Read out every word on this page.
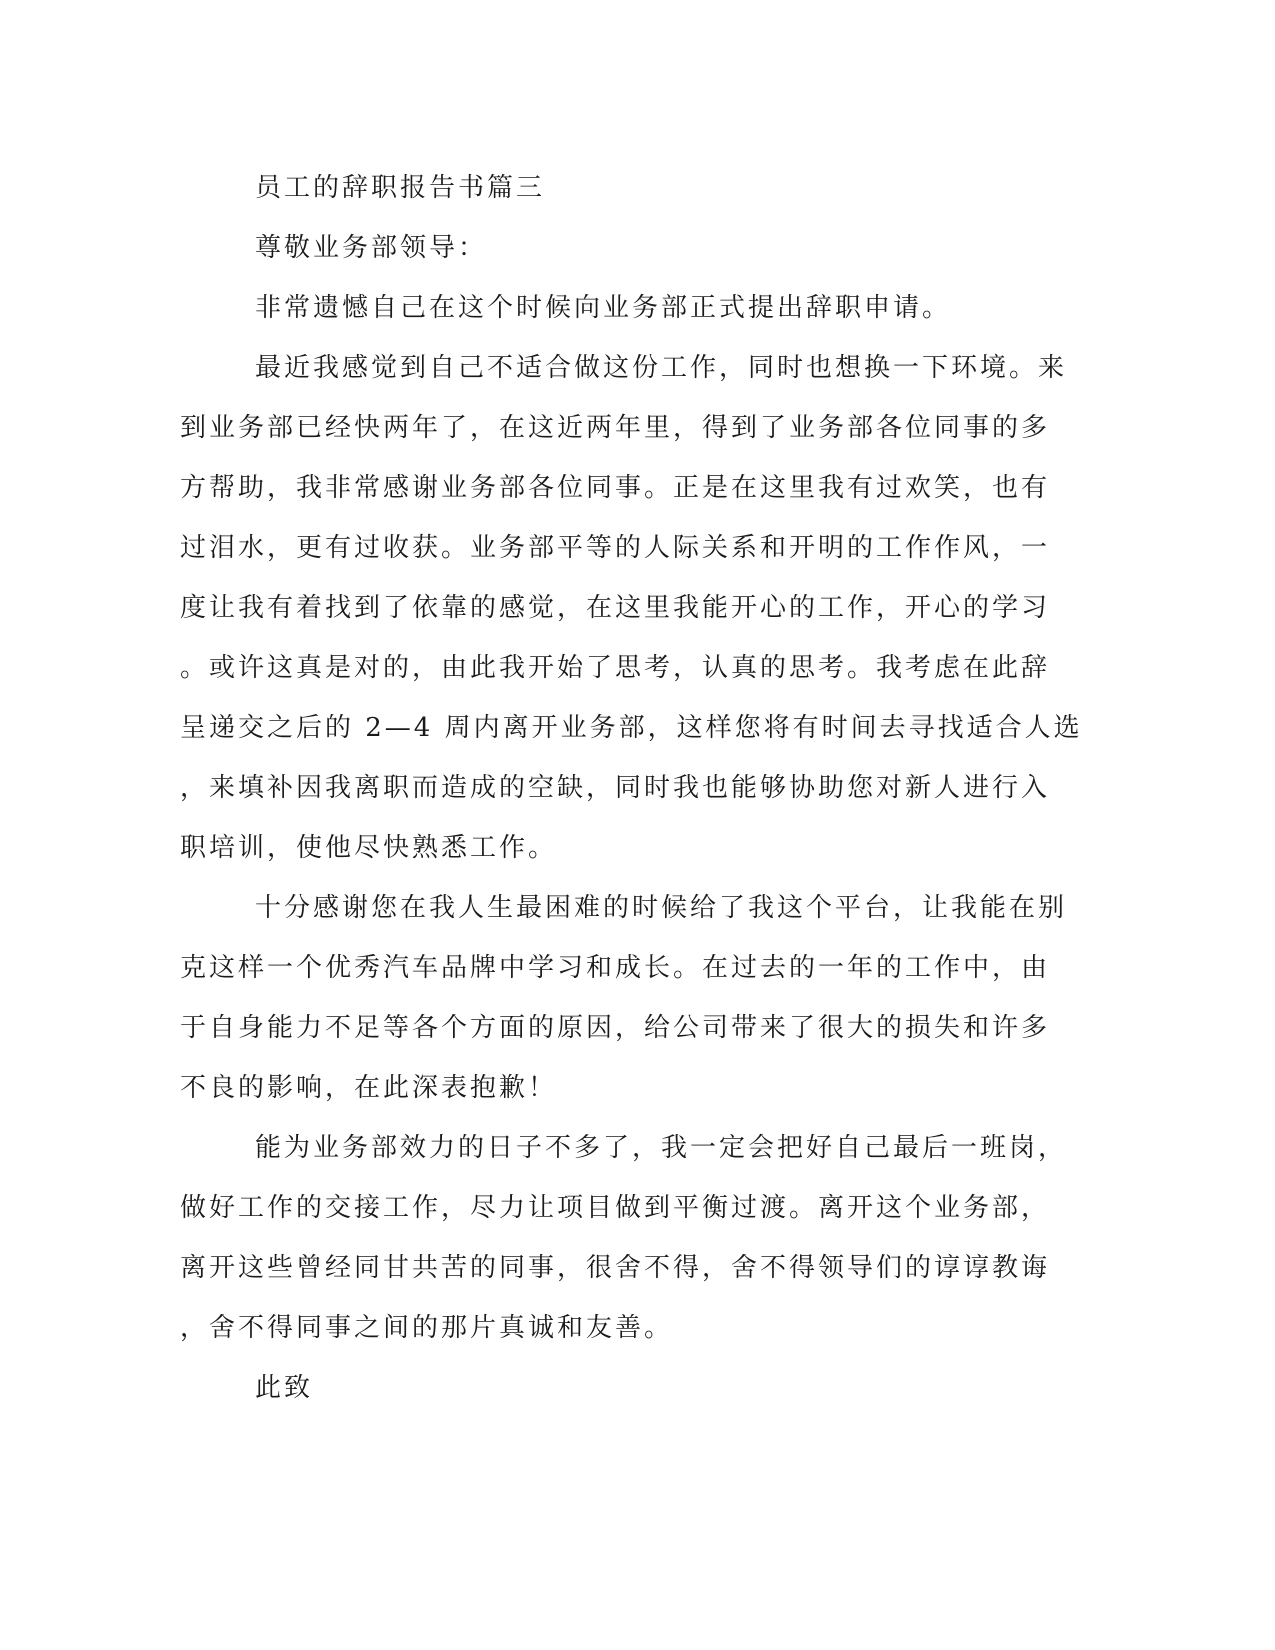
员工的辞职报告书篇三
尊敬业务部领导：
非常遗憾自己在这个时候向业务部正式提出辞职申请。
最近我感觉到自己不适合做这份工作，同时也想换一下环境。来
到业务部已经快两年了，在这近两年里，得到了业务部各位同事的多
方帮助，我非常感谢业务部各位同事。正是在这里我有过欢笑，也有
过泪水，更有过收获。业务部平等的人际关系和开明的工作作风，一
度让我有着找到了依靠的感觉，在这里我能开心的工作，开心的学习
。或许这真是对的，由此我开始了思考，认真的思考。我考虑在此辞
呈递交之后的 2—4 周内离开业务部，这样您将有时间去寻找适合人选
，来填补因我离职而造成的空缺，同时我也能够协助您对新人进行入
职培训，使他尽快熟悉工作。
十分感谢您在我人生最困难的时候给了我这个平台，让我能在别
克这样一个优秀汽车品牌中学习和成长。在过去的一年的工作中，由
于自身能力不足等各个方面的原因，给公司带来了很大的损失和许多
不良的影响，在此深表抱歉！
能为业务部效力的日子不多了，我一定会把好自己最后一班岗，
做好工作的交接工作，尽力让项目做到平衡过渡。离开这个业务部，
离开这些曾经同甘共苦的同事，很舍不得，舍不得领导们的谆谆教诲
，舍不得同事之间的那片真诚和友善。
此致
